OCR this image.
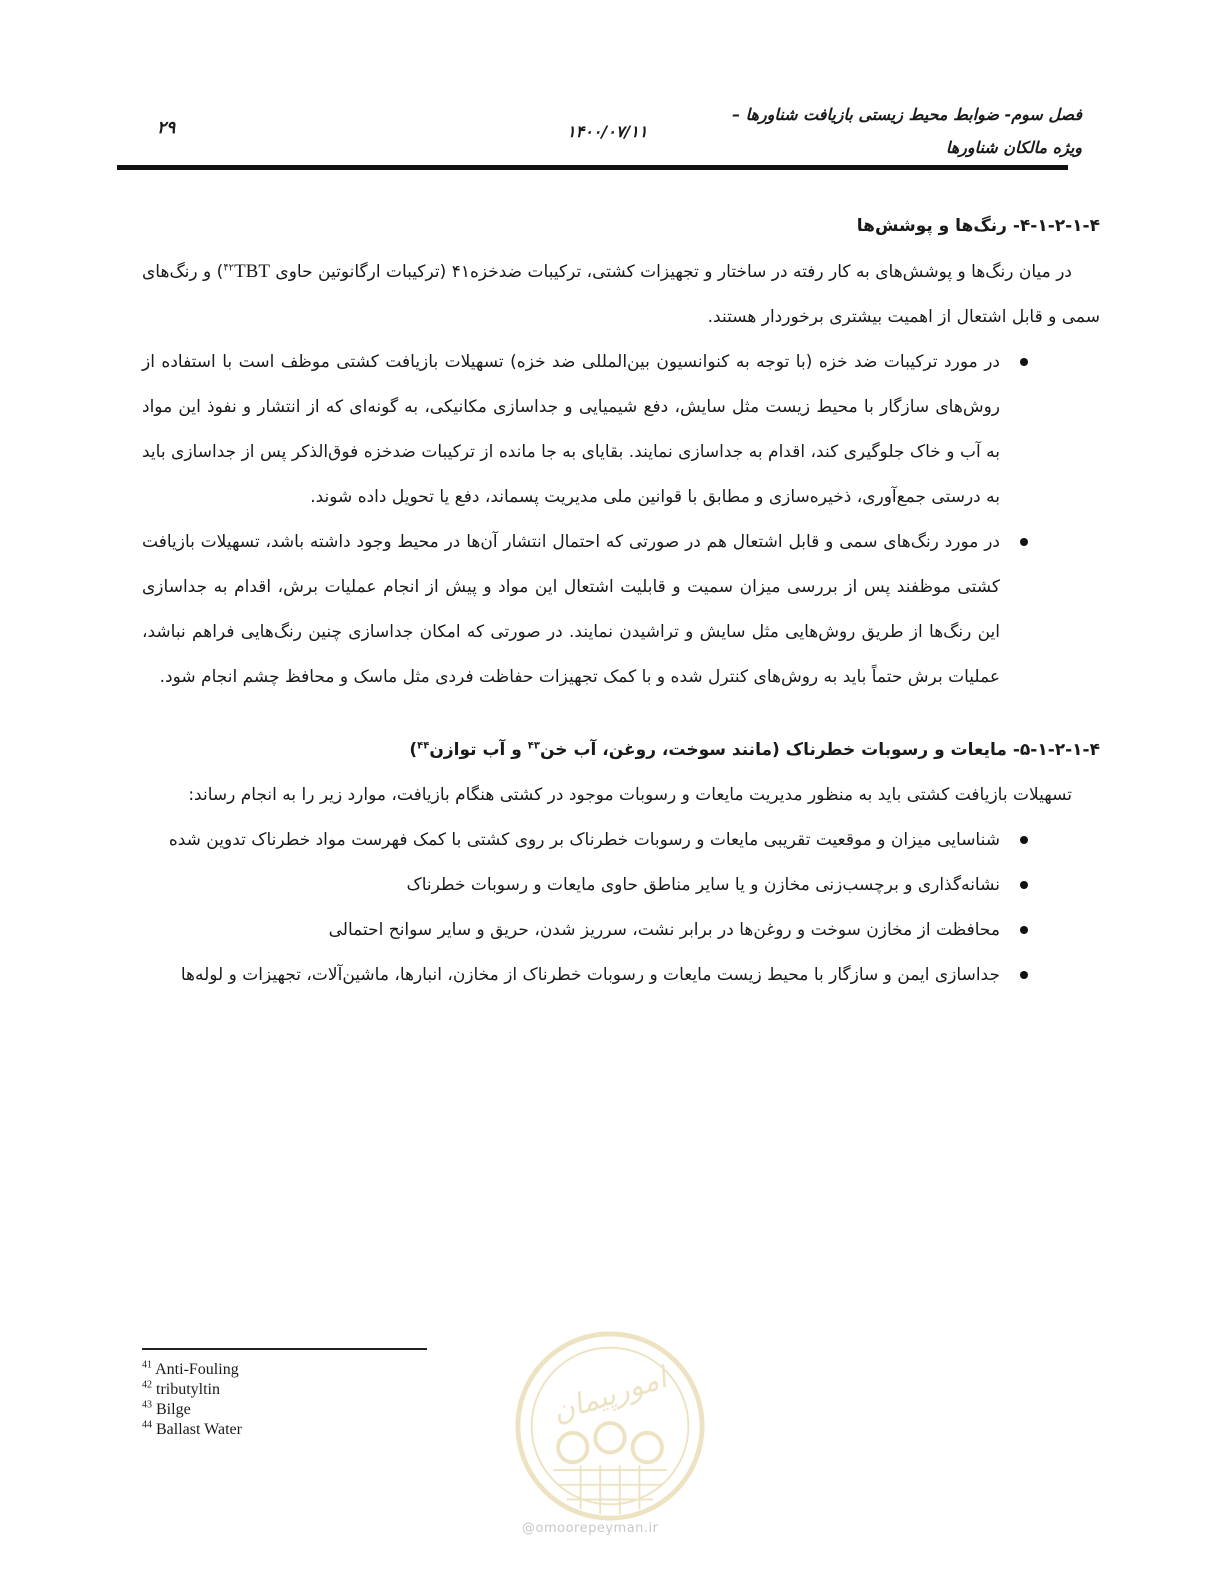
فصل سوم- ضوابط محیط زیستی بازیافت شناورها –
ویژه مالکان شناورها
۱۴۰۰/۰۷/۱۱
۲۹

۴-۱-۲-۱-۴- رنگ‌ها و پوشش‌ها

در میان رنگ‌ها و پوشش‌های به کار رفته در ساختار و تجهیزات کشتی، ترکیبات ضدخزه۴۱ (ترکیبات ارگانوتین حاوی TBT$^{۴۲}$) و رنگ‌های سمی و قابل اشتعال از اهمیت بیشتری برخوردار هستند.

در مورد ترکیبات ضد خزه (با توجه به کنوانسیون بین‌المللی ضد خزه) تسهیلات بازیافت کشتی موظف است با استفاده از روش‌های سازگار با محیط زیست مثل سایش، دفع شیمیایی و جداسازی مکانیکی، به گونه‌ای که از انتشار و نفوذ این مواد به آب و خاک جلوگیری کند، اقدام به جداسازی نمایند. بقایای به جا مانده از ترکیبات ضدخزه فوق‌الذکر پس از جداسازی باید به درستی جمع‌آوری، ذخیره‌سازی و مطابق با قوانین ملی مدیریت پسماند، دفع یا تحویل داده شوند.
در مورد رنگ‌های سمی و قابل اشتعال هم در صورتی که احتمال انتشار آن‌ها در محیط وجود داشته باشد، تسهیلات بازیافت کشتی موظفند پس از بررسی میزان سمیت و قابلیت اشتعال این مواد و پیش از انجام عملیات برش، اقدام به جداسازی این رنگ‌ها از طریق روش‌هایی مثل سایش و تراشیدن نمایند. در صورتی که امکان جداسازی چنین رنگ‌هایی فراهم نباشد، عملیات برش حتماً باید به روش‌های کنترل شده و با کمک تجهیزات حفاظت فردی مثل ماسک و محافظ چشم انجام شود.

۵-۱-۲-۱-۴- مایعات و رسوبات خطرناک (مانند سوخت، روغن، آب خن$^{۴۳}$ و آب توازن$^{۴۴}$)

تسهیلات بازیافت کشتی باید به منظور مدیریت مایعات و رسوبات موجود در کشتی هنگام بازیافت، موارد زیر را به انجام رساند:

شناسایی میزان و موقعیت تقریبی مایعات و رسوبات خطرناک بر روی کشتی با کمک فهرست مواد خطرناک تدوین شده
نشانه‌گذاری و برچسب‌زنی مخازن و یا سایر مناطق حاوی مایعات و رسوبات خطرناک
محافظت از مخازن سوخت و روغن‌ها در برابر نشت، سرریز شدن، حریق و سایر سوانح احتمالی
جداسازی ایمن و سازگار با محیط زیست مایعات و رسوبات خطرناک از مخازن، انبارها، ماشین‌آلات، تجهیزات و لوله‌ها
$^{41}$ Anti-Fouling
$^{42}$ tributyltin
$^{43}$ Bilge
$^{44}$ Ballast Water
امورپیمان
@omoorepeyman.ir
